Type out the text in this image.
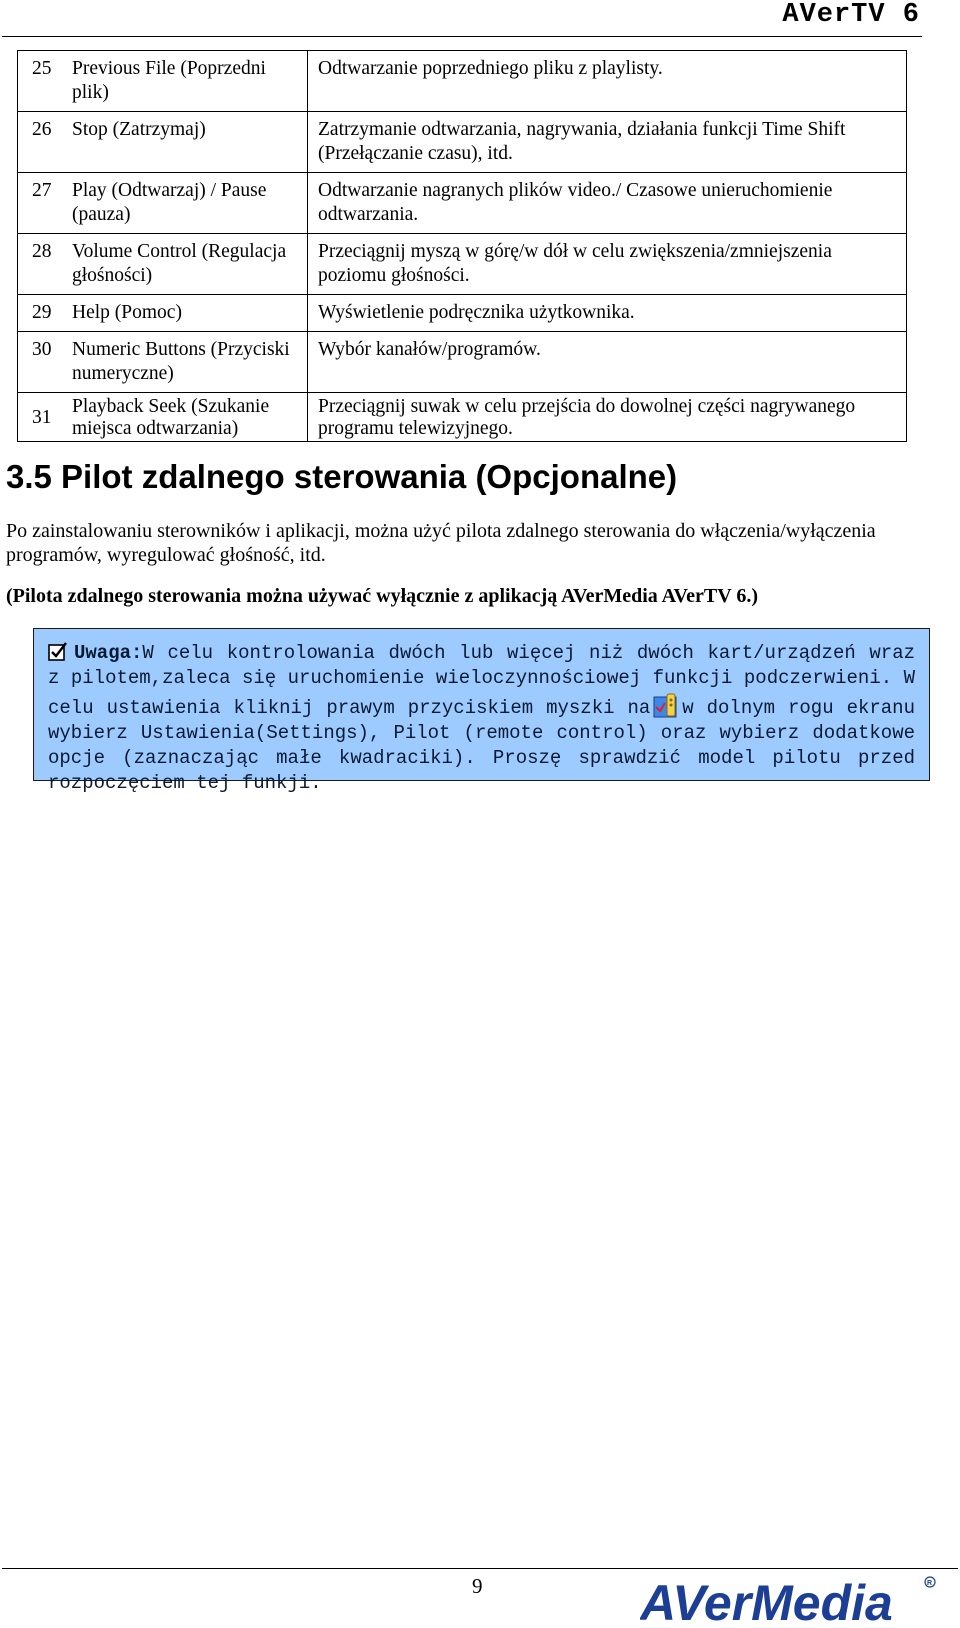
AVerTV 6
25	Previous File (Poprzedni plik)	Odtwarzanie poprzedniego pliku z playlisty.
26	Stop (Zatrzymaj)	Zatrzymanie odtwarzania, nagrywania, działania funkcji Time Shift (Przełączanie czasu), itd.
27	Play (Odtwarzaj) / Pause (pauza)	Odtwarzanie nagranych plików video./ Czasowe unieruchomienie odtwarzania.
28	Volume Control (Regulacja głośności)	Przeciągnij myszą w górę/w dół w celu zwiększenia/zmniejszenia poziomu głośności.
29	Help (Pomoc)	Wyświetlenie podręcznika użytkownika.
30	Numeric Buttons (Przyciski numeryczne)	Wybór kanałów/programów.
31	Playback Seek (Szukanie miejsca odtwarzania)	Przeciągnij suwak w celu przejścia do dowolnej części nagrywanego programu telewizyjnego.
3.5 Pilot zdalnego sterowania (Opcjonalne)
Po zainstalowaniu sterowników i aplikacji, można użyć pilota zdalnego sterowania do włączenia/wyłączenia programów, wyregulować głośność, itd.
(Pilota zdalnego sterowania można używać wyłącznie z aplikacją AVerMedia AVerTV 6.)
Uwaga:W celu kontrolowania dwóch lub więcej niż dwóch kart/urządzeń wraz z pilotem,zaleca się uruchomienie wieloczynnościowej funkcji podczerwieni. W celu ustawienia kliknij prawym przyciskiem myszki na w dolnym rogu ekranu wybierz Ustawienia(Settings), Pilot (remote control) oraz wybierz dodatkowe opcje (zaznaczając małe kwadraciki). Proszę sprawdzić model pilotu przed rozpoczęciem tej funkji.
9	AVerMedia	R
